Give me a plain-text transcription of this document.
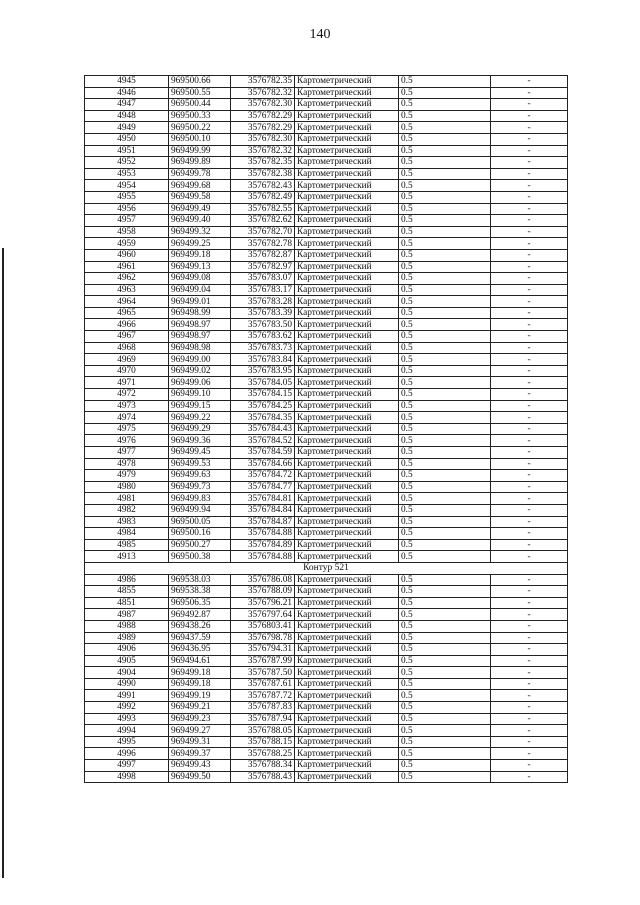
140
4945	969500.66	3576782.35	Картометрический	0.5	-
4946	969500.55	3576782.32	Картометрический	0.5	-
4947	969500.44	3576782.30	Картометрический	0.5	-
4948	969500.33	3576782.29	Картометрический	0.5	-
4949	969500.22	3576782.29	Картометрический	0.5	-
4950	969500.10	3576782.30	Картометрический	0.5	-
4951	969499.99	3576782.32	Картометрический	0.5	-
4952	969499.89	3576782.35	Картометрический	0.5	-
4953	969499.78	3576782.38	Картометрический	0.5	-
4954	969499.68	3576782.43	Картометрический	0.5	-
4955	969499.58	3576782.49	Картометрический	0.5	-
4956	969499.49	3576782.55	Картометрический	0.5	-
4957	969499.40	3576782.62	Картометрический	0.5	-
4958	969499.32	3576782.70	Картометрический	0.5	-
4959	969499.25	3576782.78	Картометрический	0.5	-
4960	969499.18	3576782.87	Картометрический	0.5	-
4961	969499.13	3576782.97	Картометрический	0.5	-
4962	969499.08	3576783.07	Картометрический	0.5	-
4963	969499.04	3576783.17	Картометрический	0.5	-
4964	969499.01	3576783.28	Картометрический	0.5	-
4965	969498.99	3576783.39	Картометрический	0.5	-
4966	969498.97	3576783.50	Картометрический	0.5	-
4967	969498.97	3576783.62	Картометрический	0.5	-
4968	969498.98	3576783.73	Картометрический	0.5	-
4969	969499.00	3576783.84	Картометрический	0.5	-
4970	969499.02	3576783.95	Картометрический	0.5	-
4971	969499.06	3576784.05	Картометрический	0.5	-
4972	969499.10	3576784.15	Картометрический	0.5	-
4973	969499.15	3576784.25	Картометрический	0.5	-
4974	969499.22	3576784.35	Картометрический	0.5	-
4975	969499.29	3576784.43	Картометрический	0.5	-
4976	969499.36	3576784.52	Картометрический	0.5	-
4977	969499.45	3576784.59	Картометрический	0.5	-
4978	969499.53	3576784.66	Картометрический	0.5	-
4979	969499.63	3576784.72	Картометрический	0.5	-
4980	969499.73	3576784.77	Картометрический	0.5	-
4981	969499.83	3576784.81	Картометрический	0.5	-
4982	969499.94	3576784.84	Картометрический	0.5	-
4983	969500.05	3576784.87	Картометрический	0.5	-
4984	969500.16	3576784.88	Картометрический	0.5	-
4985	969500.27	3576784.89	Картометрический	0.5	-
4913	969500.38	3576784.88	Картометрический	0.5	-
Контур 521					
4986	969538.03	3576786.08	Картометрический	0.5	-
4855	969538.38	3576788.09	Картометрический	0.5	-
4851	969506.35	3576796.21	Картометрический	0.5	-
4987	969492.87	3576797.64	Картометрический	0.5	-
4988	969438.26	3576803.41	Картометрический	0.5	-
4989	969437.59	3576798.78	Картометрический	0.5	-
4906	969436.95	3576794.31	Картометрический	0.5	-
4905	969494.61	3576787.99	Картометрический	0.5	-
4904	969499.18	3576787.50	Картометрический	0.5	-
4990	969499.18	3576787.61	Картометрический	0.5	-
4991	969499.19	3576787.72	Картометрический	0.5	-
4992	969499.21	3576787.83	Картометрический	0.5	-
4993	969499.23	3576787.94	Картометрический	0.5	-
4994	969499.27	3576788.05	Картометрический	0.5	-
4995	969499.31	3576788.15	Картометрический	0.5	-
4996	969499.37	3576788.25	Картометрический	0.5	-
4997	969499.43	3576788.34	Картометрический	0.5	-
4998	969499.50	3576788.43	Картометрический	0.5	-
